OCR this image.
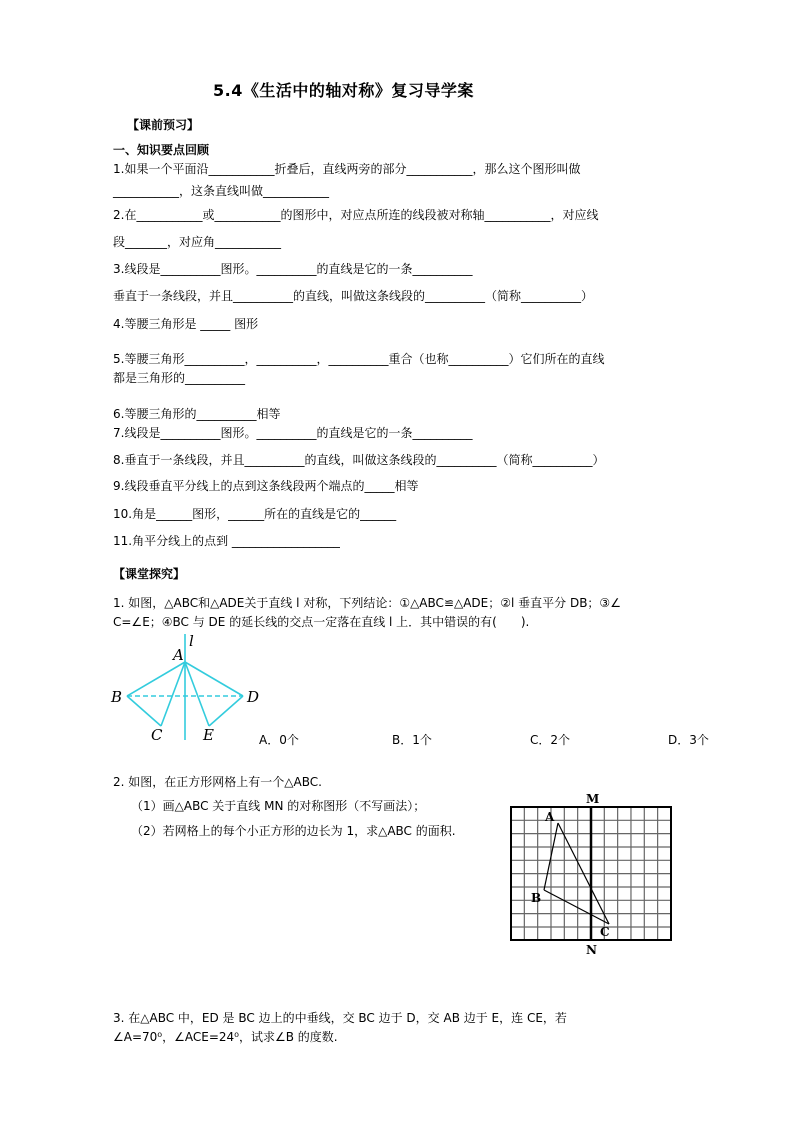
5.4《生活中的轴对称》复习导学案
【课前预习】
一、知识要点回顾
1.如果一个平面沿___________折叠后，直线两旁的部分___________，那么这个图形叫做
___________，这条直线叫做___________
2.在___________或___________的图形中，对应点所连的线段被对称轴___________，对应线
段_______，对应角___________
3.线段是__________图形。__________的直线是它的一条__________
垂直于一条线段，并且__________的直线，叫做这条线段的__________（简称__________）
4.等腰三角形是 _____ 图形
5.等腰三角形__________，__________，__________重合（也称__________）它们所在的直线
都是三角形的__________
6.等腰三角形的__________相等
7.线段是__________图形。__________的直线是它的一条__________
8.垂直于一条线段，并且__________的直线，叫做这条线段的__________（简称__________）
9.线段垂直平分线上的点到这条线段两个端点的_____相等
10.角是______图形，______所在的直线是它的______
11.角平分线上的点到 __________________
【课堂探究】
1. 如图，△ABC和△ADE关于直线 l 对称，下列结论：①△ABC≌△ADE；②l 垂直平分 DB；③∠
C=∠E；④BC 与 DE 的延长线的交点一定落在直线 l 上．其中错误的有(　　).
l
A
B	D
C	E	A．0个	B．1个	C．2个	D．3个
2. 如图，在正方形网格上有一个△ABC.
（1）画△ABC 关于直线 MN 的对称图形（不写画法）；
（2）若网格上的每个小正方形的边长为 1，求△ABC 的面积.
M
N
A
B
C
3. 在△ABC 中，ED 是 BC 边上的中垂线，交 BC 边于 D，交 AB 边于 E，连 CE，若
∠A=70⁰，∠ACE=24⁰，试求∠B 的度数.
